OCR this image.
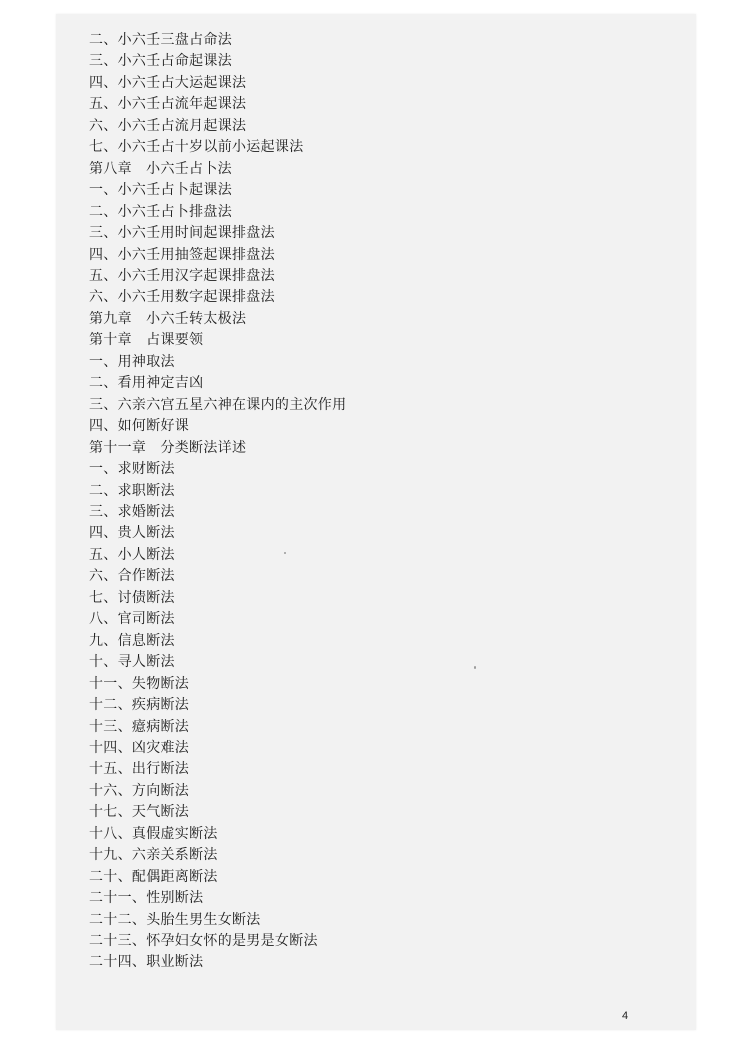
二、小六壬三盘占命法
三、小六壬占命起课法
四、小六壬占大运起课法
五、小六壬占流年起课法
六、小六壬占流月起课法
七、小六壬占十岁以前小运起课法
第八章   小六壬占卜法
一、小六壬占卜起课法
二、小六壬占卜排盘法
三、小六壬用时间起课排盘法
四、小六壬用抽签起课排盘法
五、小六壬用汉字起课排盘法
六、小六壬用数字起课排盘法
第九章   小六壬转太极法
第十章   占课要领
一、用神取法
二、看用神定吉凶
三、六亲六宫五星六神在课内的主次作用
四、如何断好课
第十一章   分类断法详述
一、求财断法
二、求职断法
三、求婚断法
四、贵人断法
五、小人断法
六、合作断法
七、讨债断法
八、官司断法
九、信息断法
十、寻人断法
十一、失物断法
十二、疾病断法
十三、癔病断法
十四、凶灾难法
十五、出行断法
十六、方向断法
十七、天气断法
十八、真假虚实断法
十九、六亲关系断法
二十、配偶距离断法
二十一、性别断法
二十二、头胎生男生女断法
二十三、怀孕妇女怀的是男是女断法
二十四、职业断法
4
